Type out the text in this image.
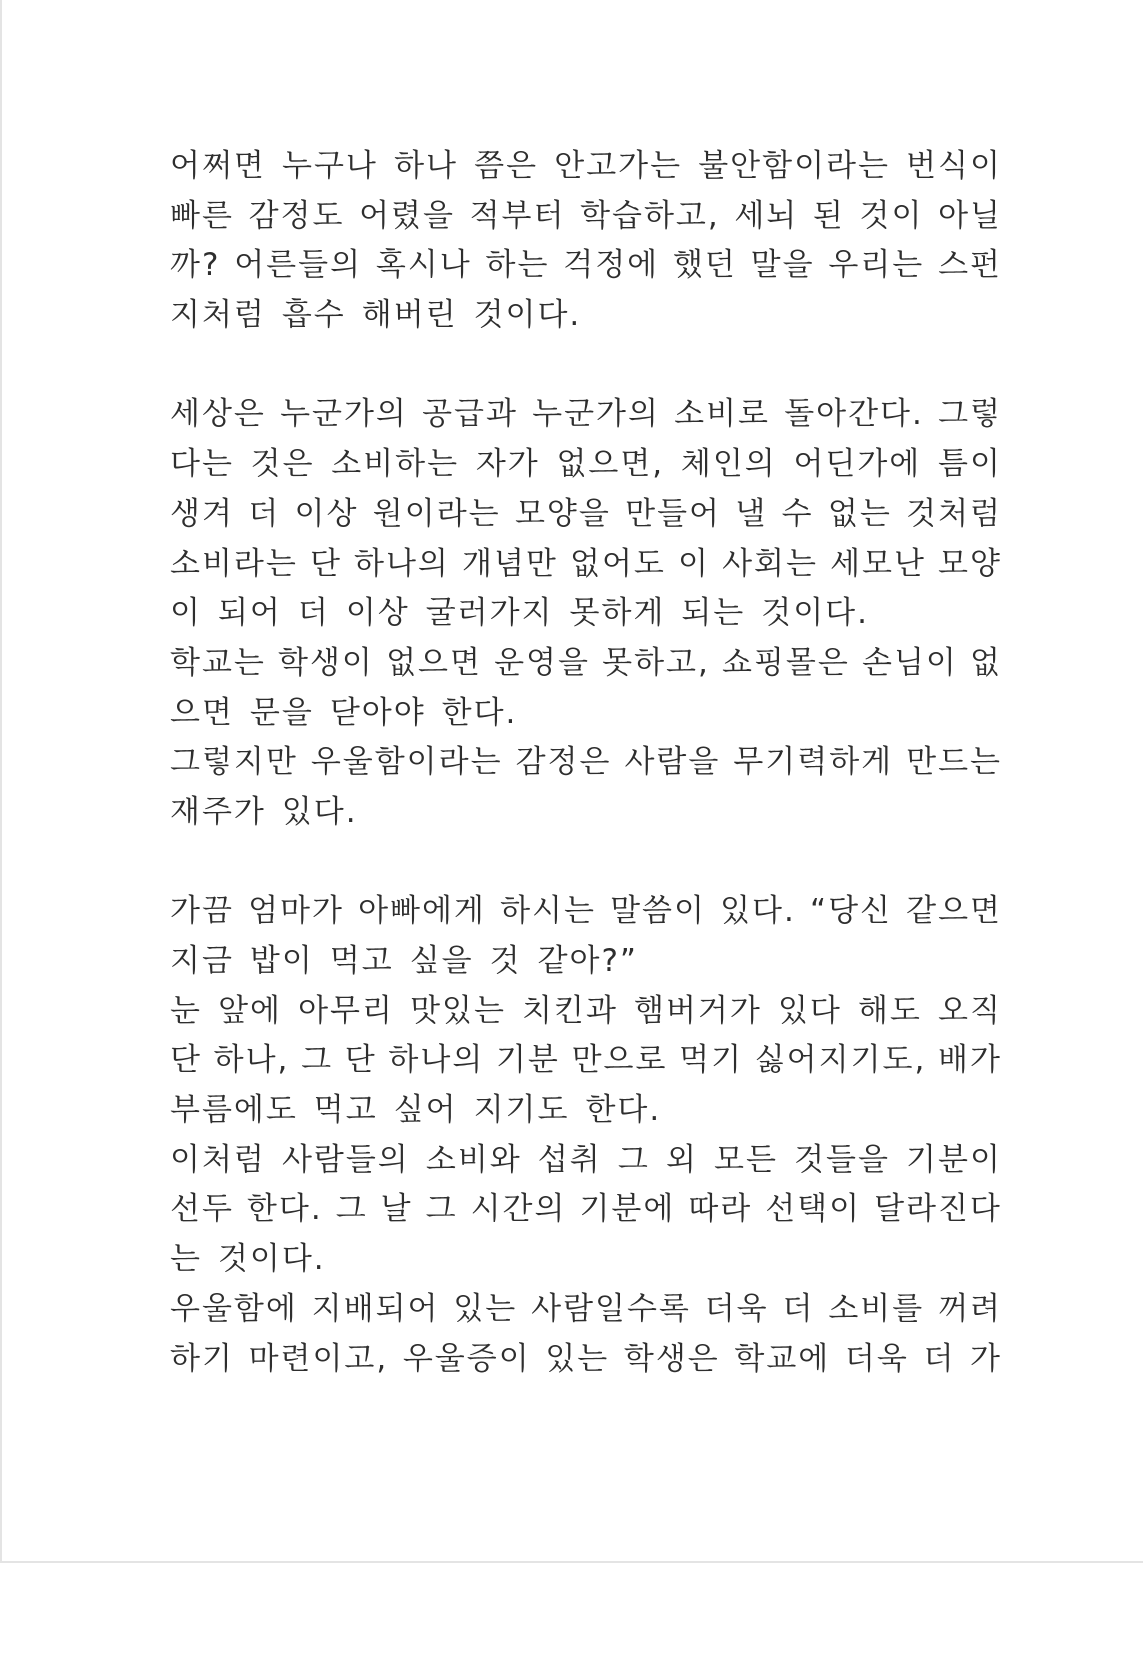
어쩌면 누구나 하나 쯤은 안고가는 불안함이라는 번식이
빠른 감정도 어렸을 적부터 학습하고, 세뇌 된 것이 아닐
까? 어른들의 혹시나 하는 걱정에 했던 말을 우리는 스펀
지처럼 흡수 해버린 것이다.
세상은 누군가의 공급과 누군가의 소비로 돌아간다. 그렇
다는 것은 소비하는 자가 없으면, 체인의 어딘가에 틈이
생겨 더 이상 원이라는 모양을 만들어 낼 수 없는 것처럼
소비라는 단 하나의 개념만 없어도 이 사회는 세모난 모양
이 되어 더 이상 굴러가지 못하게 되는 것이다.
학교는 학생이 없으면 운영을 못하고, 쇼핑몰은 손님이 없
으면 문을 닫아야 한다.
그렇지만 우울함이라는 감정은 사람을 무기력하게 만드는
재주가 있다.
가끔 엄마가 아빠에게 하시는 말씀이 있다. “당신 같으면
지금 밥이 먹고 싶을 것 같아?”
눈 앞에 아무리 맛있는 치킨과 햄버거가 있다 해도 오직
단 하나, 그 단 하나의 기분 만으로 먹기 싫어지기도, 배가
부름에도 먹고 싶어 지기도 한다.
이처럼 사람들의 소비와 섭취 그 외 모든 것들을 기분이
선두 한다. 그 날 그 시간의 기분에 따라 선택이 달라진다
는 것이다.
우울함에 지배되어 있는 사람일수록 더욱 더 소비를 꺼려
하기 마련이고, 우울증이 있는 학생은 학교에 더욱 더 가
